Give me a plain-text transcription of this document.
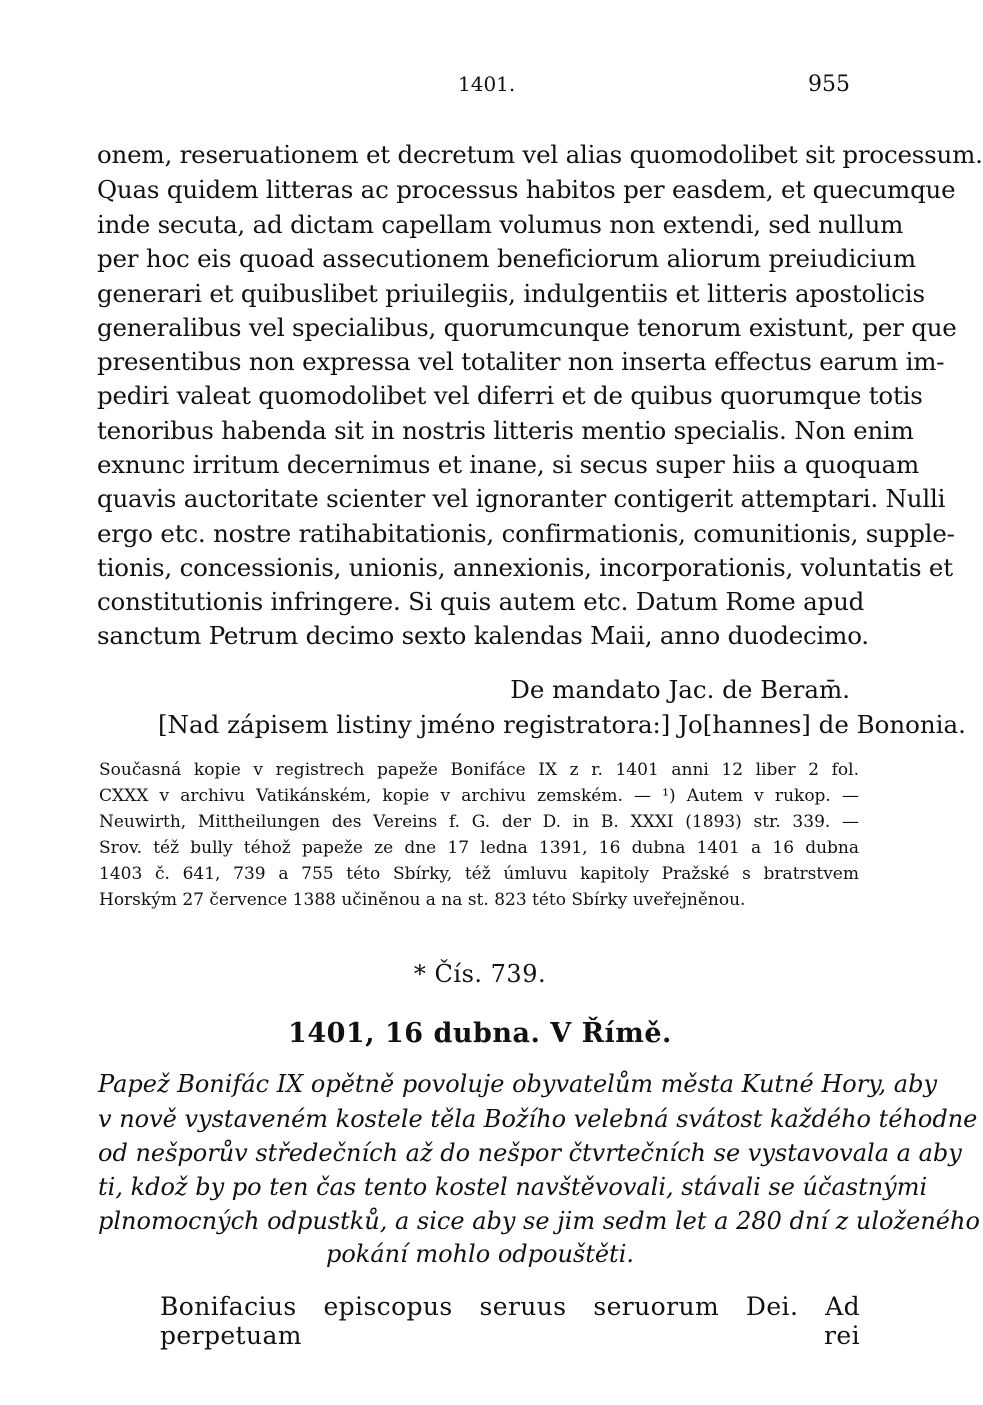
1401.	955
onem, reseruationem et decretum vel alias quomodolibet sit processum.
Quas quidem litteras ac processus habitos per easdem, et quecumque
inde secuta, ad dictam capellam volumus non extendi, sed nullum
per hoc eis quoad assecutionem beneficiorum aliorum preiudicium
generari et quibuslibet priuilegiis, indulgentiis et litteris apostolicis
generalibus vel specialibus, quorumcunque tenorum existunt, per que
presentibus non expressa vel totaliter non inserta effectus earum im-
pediri valeat quomodolibet vel diferri et de quibus quorumque totis
tenoribus habenda sit in nostris litteris mentio specialis. Non enim
exnunc irritum decernimus et inane, si secus super hiis a quoquam
quavis auctoritate scienter vel ignoranter contigerit attemptari. Nulli
ergo etc. nostre ratihabitationis, confirmationis, comunitionis, supple-
tionis, concessionis, unionis, annexionis, incorporationis, voluntatis et
constitutionis infringere. Si quis autem etc. Datum Rome apud
sanctum Petrum decimo sexto kalendas Maii, anno duodecimo.
De mandato Jac. de Beram̄.
[Nad zápisem listiny jméno registratora:] Jo[hannes] de Bononia.
Současná kopie v registrech papeže Bonifáce IX z r. 1401 anni 12 liber 2 fol.
CXXX v archivu Vatikánském, kopie v archivu zemském. — ¹) Autem v rukop. —
Neuwirth, Mittheilungen des Vereins f. G. der D. in B. XXXI (1893) str. 339. —
Srov. též bully téhož papeže ze dne 17 ledna 1391, 16 dubna 1401 a 16 dubna
1403 č. 641, 739 a 755 této Sbírky, též úmluvu kapitoly Pražské s bratrstvem
Horským 27 července 1388 učiněnou a na st. 823 této Sbírky uveřejněnou.
* Čís. 739.
1401, 16 dubna. V Římě.
Papež Bonifác IX opětně povoluje obyvatelům města Kutné Hory, aby
v nově vystaveném kostele těla Božího velebná svátost každého téhodne
od nešporův středečních až do nešpor čtvrtečních se vystavovala a aby
ti, kdož by po ten čas tento kostel navštěvovali, stávali se účastnými
plnomocných odpustků, a sice aby se jim sedm let a 280 dní z uloženého
pokání mohlo odpouštěti.
Bonifacius episcopus seruus seruorum Dei. Ad perpetuam rei
